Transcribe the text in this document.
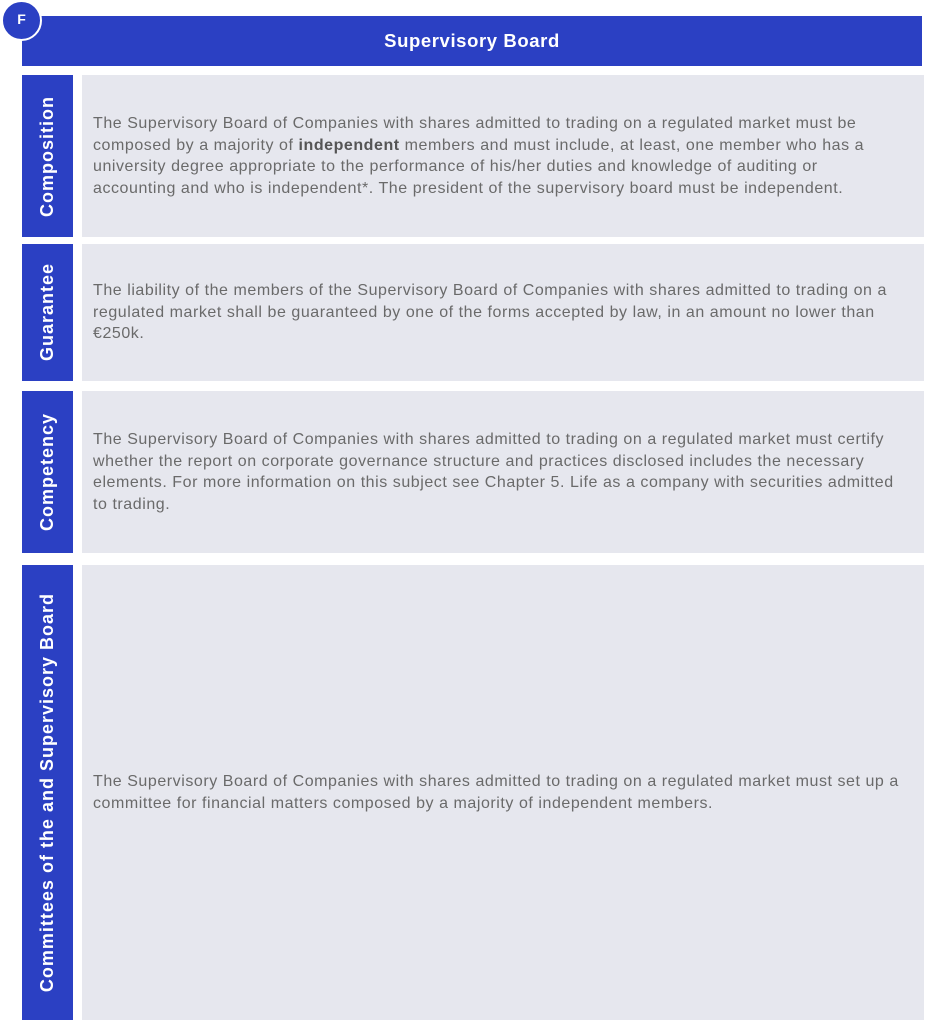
F
Supervisory Board
Composition The Supervisory Board of Companies with shares admitted to trading on a regulated market must be
composed by a majority of independent members and must include, at least, one member who has a
university degree appropriate to the performance of his/her duties and knowledge of auditing or
accounting and who is independent*. The president of the supervisory board must be independent.
Guarantee The liability of the members of the Supervisory Board of Companies with shares admitted to trading on a
regulated market shall be guaranteed by one of the forms accepted by law, in an amount no lower than
€250k.
Competency The Supervisory Board of Companies with shares admitted to trading on a regulated market must certify
whether the report on corporate governance structure and practices disclosed includes the necessary
elements. For more information on this subject see Chapter 5. Life as a company with securities admitted
to trading.
Committees of the and Supervisory Board The Supervisory Board of Companies with shares admitted to trading on a regulated market must set up a
committee for financial matters composed by a majority of independent members.
